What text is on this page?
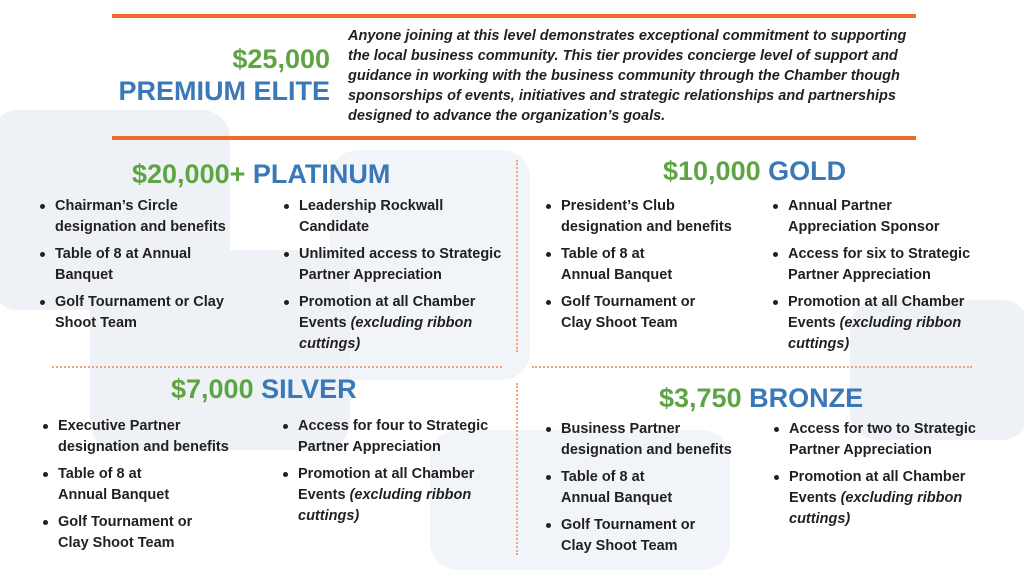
$25,000
PREMIUM ELITE
Anyone joining at this level demonstrates exceptional commitment to supporting the local business community. This tier provides concierge level of support and guidance in working with the business community through the Chamber though sponsorships of events, initiatives and strategic relationships and partnerships designed to advance the organization’s goals.
$20,000+ PLATINUM
Chairman’s Circle designation and benefits
Table of 8 at Annual Banquet
Golf Tournament or Clay Shoot Team
Leadership Rockwall Candidate
Unlimited access to Strategic Partner Appreciation
Promotion at all Chamber Events (excluding ribbon cuttings)
$10,000 GOLD
President’s Club designation and benefits
Table of 8 at Annual Banquet
Golf Tournament or Clay Shoot Team
Annual Partner Appreciation Sponsor
Access for six to Strategic Partner Appreciation
Promotion at all Chamber Events (excluding ribbon cuttings)
$7,000 SILVER
Executive Partner designation and benefits
Table of 8 at Annual Banquet
Golf Tournament or Clay Shoot Team
Access for four to Strategic Partner Appreciation
Promotion at all Chamber Events (excluding ribbon cuttings)
$3,750 BRONZE
Business Partner designation and benefits
Table of 8 at Annual Banquet
Golf Tournament or Clay Shoot Team
Access for two to Strategic Partner Appreciation
Promotion at all Chamber Events (excluding ribbon cuttings)
